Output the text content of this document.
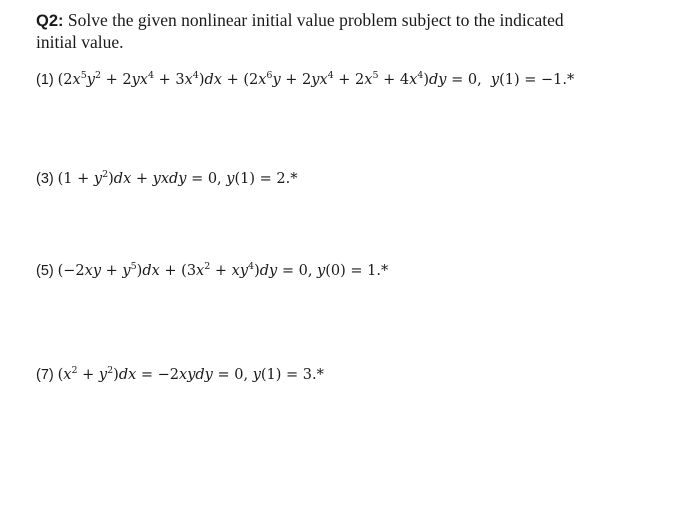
Q2: Solve the given nonlinear initial value problem subject to the indicated
initial value.
(1) $(2x^5y^2 + 2yx^4 + 3x^4)dx + (2x^6y + 2yx^4 + 2x^5 + 4x^4)dy = 0$,  y(1) = −1.*
(3) $(1 + y^2)dx$ + yxdy = 0, y(1) = 2.*
(5) $(-2xy + y^5)dx + (3x^2 + xy^4)dy = 0$, y(0) = 1.*
(7) $(x^2 + y^2)dx$ = −2xydy = 0, y(1) = 3.*
